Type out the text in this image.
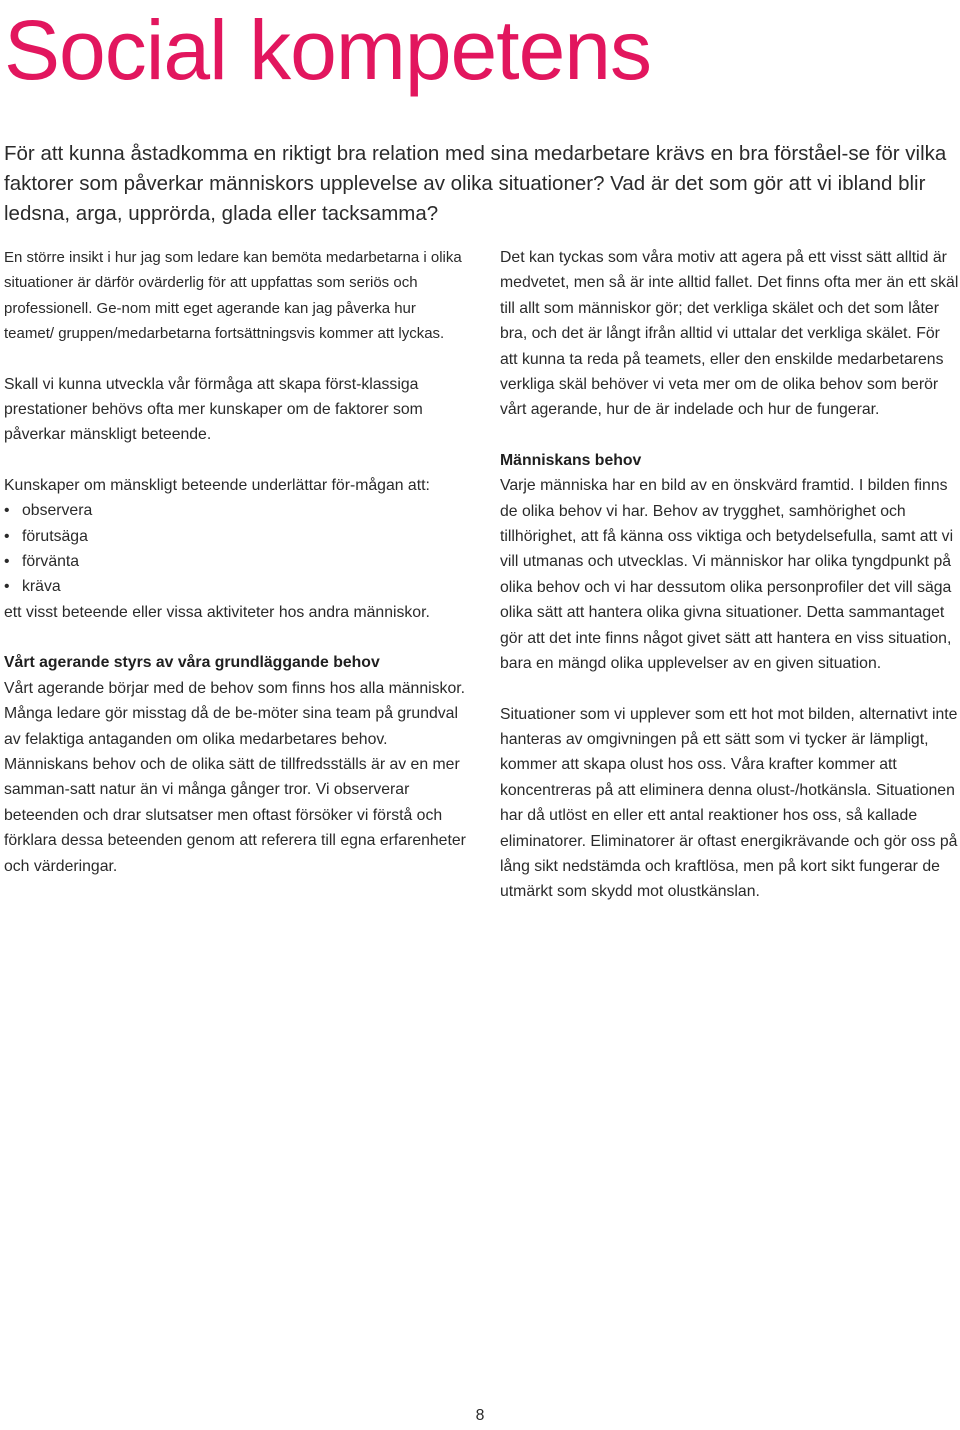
Social kompetens

För att kunna åstadkomma en riktigt bra relation med sina medarbetare krävs en bra förståel-se för vilka faktorer som påverkar människors upplevelse av olika situationer? Vad är det som gör att vi ibland blir ledsna, arga, upprörda, glada eller tacksamma?

En större insikt i hur jag som ledare kan bemöta medarbetarna i olika situationer är därför ovärderlig för att uppfattas som seriös och professionell. Ge-nom mitt eget agerande kan jag påverka hur teamet/ gruppen/medarbetarna fortsättningsvis kommer att lyckas.

Skall vi kunna utveckla vår förmåga att skapa först-klassiga prestationer behövs ofta mer kunskaper om de faktorer som påverkar mänskligt beteende.

Kunskaper om mänskligt beteende underlättar för-mågan att:

• observera
• förutsäga
• förvänta
• kräva

ett visst beteende eller vissa aktiviteter hos andra människor.

Vårt agerande styrs av våra grundläggande behov

Vårt agerande börjar med de behov som finns hos alla människor. Många ledare gör misstag då de be-möter sina team på grundval av felaktiga antaganden om olika medarbetares behov. Människans behov och de olika sätt de tillfredsställs är av en mer samman-satt natur än vi många gånger tror. Vi observerar beteenden och drar slutsatser men oftast försöker vi förstå och förklara dessa beteenden genom att referera till egna erfarenheter och värderingar.

Det kan tyckas som våra motiv att agera på ett visst sätt alltid är medvetet, men så är inte alltid fallet. Det finns ofta mer än ett skäl till allt som människor gör; det verkliga skälet och det som låter bra, och det är långt ifrån alltid vi uttalar det verkliga skälet. För att kunna ta reda på teamets, eller den enskilde medarbetarens verkliga skäl behöver vi veta mer om de olika behov som berör vårt agerande, hur de är indelade och hur de fungerar.

Människans behov

Varje människa har en bild av en önskvärd framtid. I bilden finns de olika behov vi har. Behov av trygghet, samhörighet och tillhörighet, att få känna oss viktiga och betydelsefulla, samt att vi vill utmanas och utvecklas. Vi människor har olika tyngdpunkt på olika behov och vi har dessutom olika personprofiler det vill säga olika sätt att hantera olika givna situationer. Detta sammantaget gör att det inte finns något givet sätt att hantera en viss situation, bara en mängd olika upplevelser av en given situation.

Situationer som vi upplever som ett hot mot bilden, alternativt inte hanteras av omgivningen på ett sätt som vi tycker är lämpligt, kommer att skapa olust hos oss. Våra krafter kommer att koncentreras på att eliminera denna olust-/hotkänsla. Situationen har då utlöst en eller ett antal reaktioner hos oss, så kallade eliminatorer. Eliminatorer är oftast energikrävande och gör oss på lång sikt nedstämda och kraftlösa, men på kort sikt fungerar de utmärkt som skydd mot olustkänslan.

8
